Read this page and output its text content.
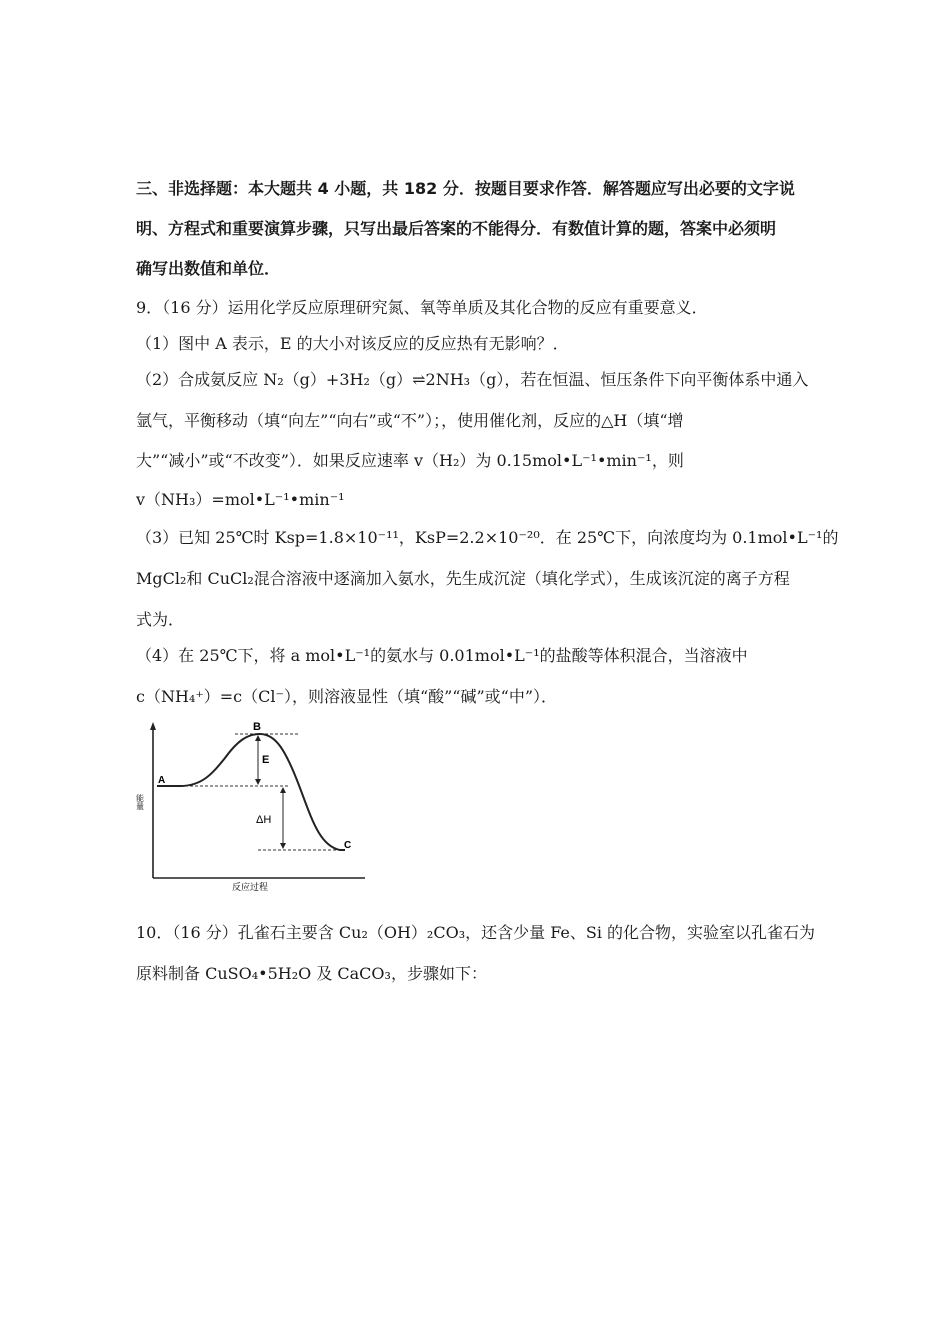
三、非选择题：本大题共 4 小题，共 182 分．按题目要求作答．解答题应写出必要的文字说
明、方程式和重要演算步骤，只写出最后答案的不能得分．有数值计算的题，答案中必须明
确写出数值和单位．
9．（16 分）运用化学反应原理研究氮、氧等单质及其化合物的反应有重要意义．
（1）图中 A 表示，E 的大小对该反应的反应热有无影响？．
（2）合成氨反应 N₂（g）+3H₂（g）⇌2NH₃（g），若在恒温、恒压条件下向平衡体系中通入
氩气，平衡移动（填“向左”“向右”或“不”）；，使用催化剂，反应的△H（填“增
大”“减小”或“不改变”）．如果反应速率 v（H₂）为 0.15mol•L⁻¹•min⁻¹，则
v（NH₃）=mol•L⁻¹•min⁻¹
（3）已知 25℃时 Ksp=1.8×10⁻¹¹，KsP=2.2×10⁻²⁰．在 25℃下，向浓度均为 0.1mol•L⁻¹的
MgCl₂和 CuCl₂混合溶液中逐滴加入氨水，先生成沉淀（填化学式），生成该沉淀的离子方程
式为．
（4）在 25℃下，将 a mol•L⁻¹的氨水与 0.01mol•L⁻¹的盐酸等体积混合，当溶液中
c（NH₄⁺）=c（Cl⁻），则溶液显性（填“酸”“碱”或“中”）．
A
B
C
E
ΔH
能量
反应过程
10．（16 分）孔雀石主要含 Cu₂（OH）₂CO₃，还含少量 Fe、Si 的化合物，实验室以孔雀石为
原料制备 CuSO₄•5H₂O 及 CaCO₃，步骤如下：
